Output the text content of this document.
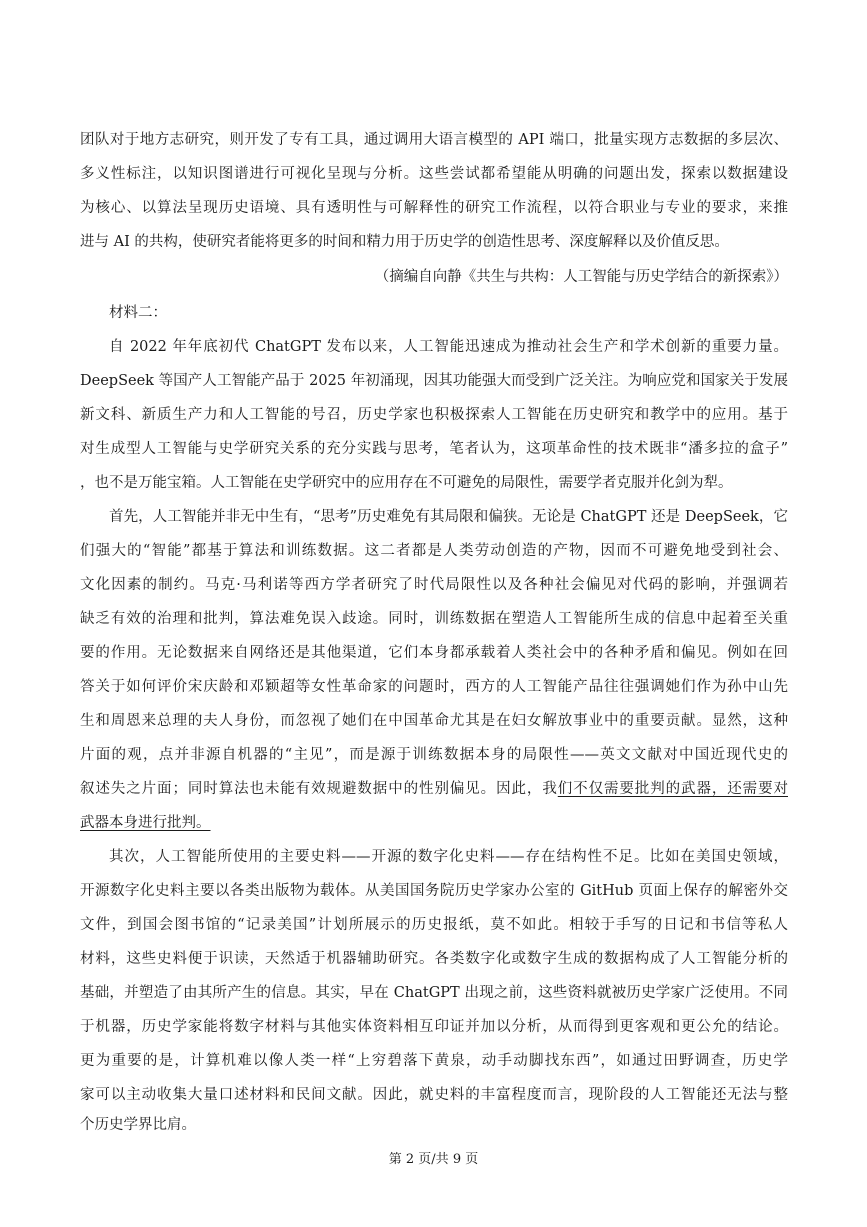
团队对于地方志研究，则开发了专有工具，通过调用大语言模型的 API 端口，批量实现方志数据的多层次、
多义性标注，以知识图谱进行可视化呈现与分析。这些尝试都希望能从明确的问题出发，探索以数据建设
为核心、以算法呈现历史语境、具有透明性与可解释性的研究工作流程，以符合职业与专业的要求，来推
进与 AI 的共构，使研究者能将更多的时间和精力用于历史学的创造性思考、深度解释以及价值反思。
（摘编自向静《共生与共构：人工智能与历史学结合的新探索》）
材料二：
自 2022 年年底初代 ChatGPT 发布以来，人工智能迅速成为推动社会生产和学术创新的重要力量。
DeepSeek 等国产人工智能产品于 2025 年初涌现，因其功能强大而受到广泛关注。为响应党和国家关于发展
新文科、新质生产力和人工智能的号召，历史学家也积极探索人工智能在历史研究和教学中的应用。基于
对生成型人工智能与史学研究关系的充分实践与思考，笔者认为，这项革命性的技术既非“潘多拉的盒子”
，也不是万能宝箱。人工智能在史学研究中的应用存在不可避免的局限性，需要学者克服并化剑为犁。
首先，人工智能并非无中生有，“思考”历史难免有其局限和偏狭。无论是 ChatGPT 还是 DeepSeek，它
们强大的“智能”都基于算法和训练数据。这二者都是人类劳动创造的产物，因而不可避免地受到社会、
文化因素的制约。马克·马利诺等西方学者研究了时代局限性以及各种社会偏见对代码的影响，并强调若
缺乏有效的治理和批判，算法难免误入歧途。同时，训练数据在塑造人工智能所生成的信息中起着至关重
要的作用。无论数据来自网络还是其他渠道，它们本身都承载着人类社会中的各种矛盾和偏见。例如在回
答关于如何评价宋庆龄和邓颖超等女性革命家的问题时，西方的人工智能产品往往强调她们作为孙中山先
生和周恩来总理的夫人身份，而忽视了她们在中国革命尤其是在妇女解放事业中的重要贡献。显然，这种
片面的观，点并非源自机器的“主见”，而是源于训练数据本身的局限性——英文文献对中国近现代史的
叙述失之片面；同时算法也未能有效规避数据中的性别偏见。因此，我们不仅需要批判的武器，还需要对
武器本身进行批判。
其次，人工智能所使用的主要史料——开源的数字化史料——存在结构性不足。比如在美国史领域，
开源数字化史料主要以各类出版物为载体。从美国国务院历史学家办公室的 GitHub 页面上保存的解密外交
文件，到国会图书馆的“记录美国”计划所展示的历史报纸，莫不如此。相较于手写的日记和书信等私人
材料，这些史料便于识读，天然适于机器辅助研究。各类数字化或数字生成的数据构成了人工智能分析的
基础，并塑造了由其所产生的信息。其实，早在 ChatGPT 出现之前，这些资料就被历史学家广泛使用。不同
于机器，历史学家能将数字材料与其他实体资料相互印证并加以分析，从而得到更客观和更公允的结论。
更为重要的是，计算机难以像人类一样“上穷碧落下黄泉，动手动脚找东西”，如通过田野调查，历史学
家可以主动收集大量口述材料和民间文献。因此，就史料的丰富程度而言，现阶段的人工智能还无法与整
个历史学界比肩。
第 2 页/共 9 页
